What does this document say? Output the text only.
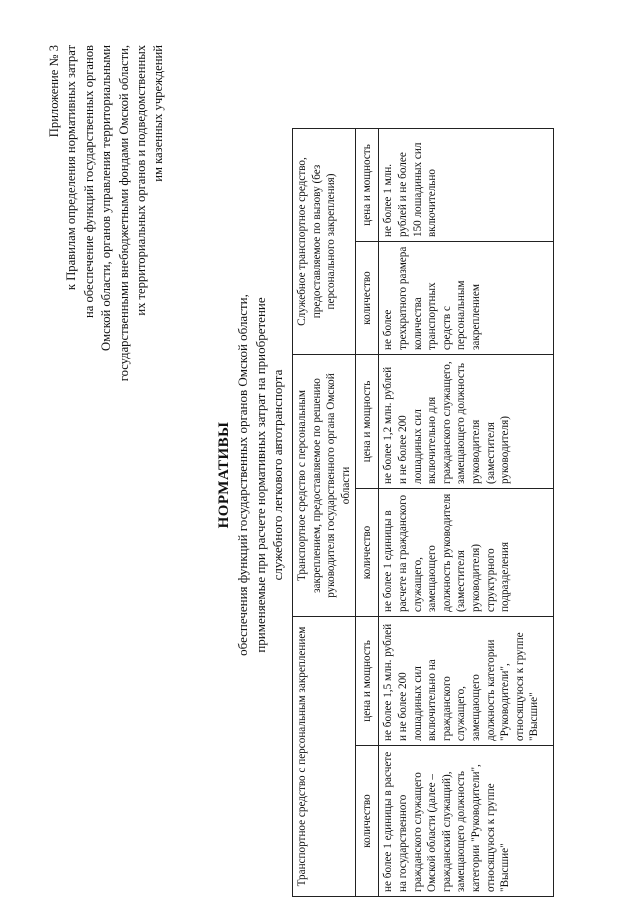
Приложение № 3 к Правилам определения нормативных затрат на обеспечение функций государственных органов Омской области, органов управления территориальными государственными внебюджетными фондами Омской области, их территориальных органов и подведомственных им казенных учреждений
НОРМАТИВЫ обеспечения функций государственных органов Омской области, применяемые при расчете нормативных затрат на приобретение служебного легкового автотранспорта
Транспортное средство с персональным закреплением		Транспортное средство с персональным закреплением, предоставляемое по решению руководителя государственного органа Омской области		Служебное транспортное средство, предоставляемое по вызову (без персонального закрепления)	
количество	цена и мощность	количество	цена и мощность	количество	цена и мощность
не более 1 единицы в расчете на государственного гражданского служащего Омской области (далее – гражданский служащий), замещающего должность категории "Руководители", относящуюся к группе "Высшие"	не более 1,5 млн. рублей и не более 200 лошадиных сил включительно на гражданского служащего, замещающего должность категории "Руководители", относящуюся к группе "Высшие"	не более 1 единицы в расчете на гражданского служащего, замещающего должность руководителя (заместителя руководителя) структурного подразделения	не более 1,2 млн. рублей и не более 200 лошадиных сил включительно для гражданского служащего, замещающего должность руководителя (заместителя руководителя)	не более трехкратного размера количества транспортных средств с персональным закреплением	не более 1 млн. рублей и не более 150 лошадиных сил включительно
